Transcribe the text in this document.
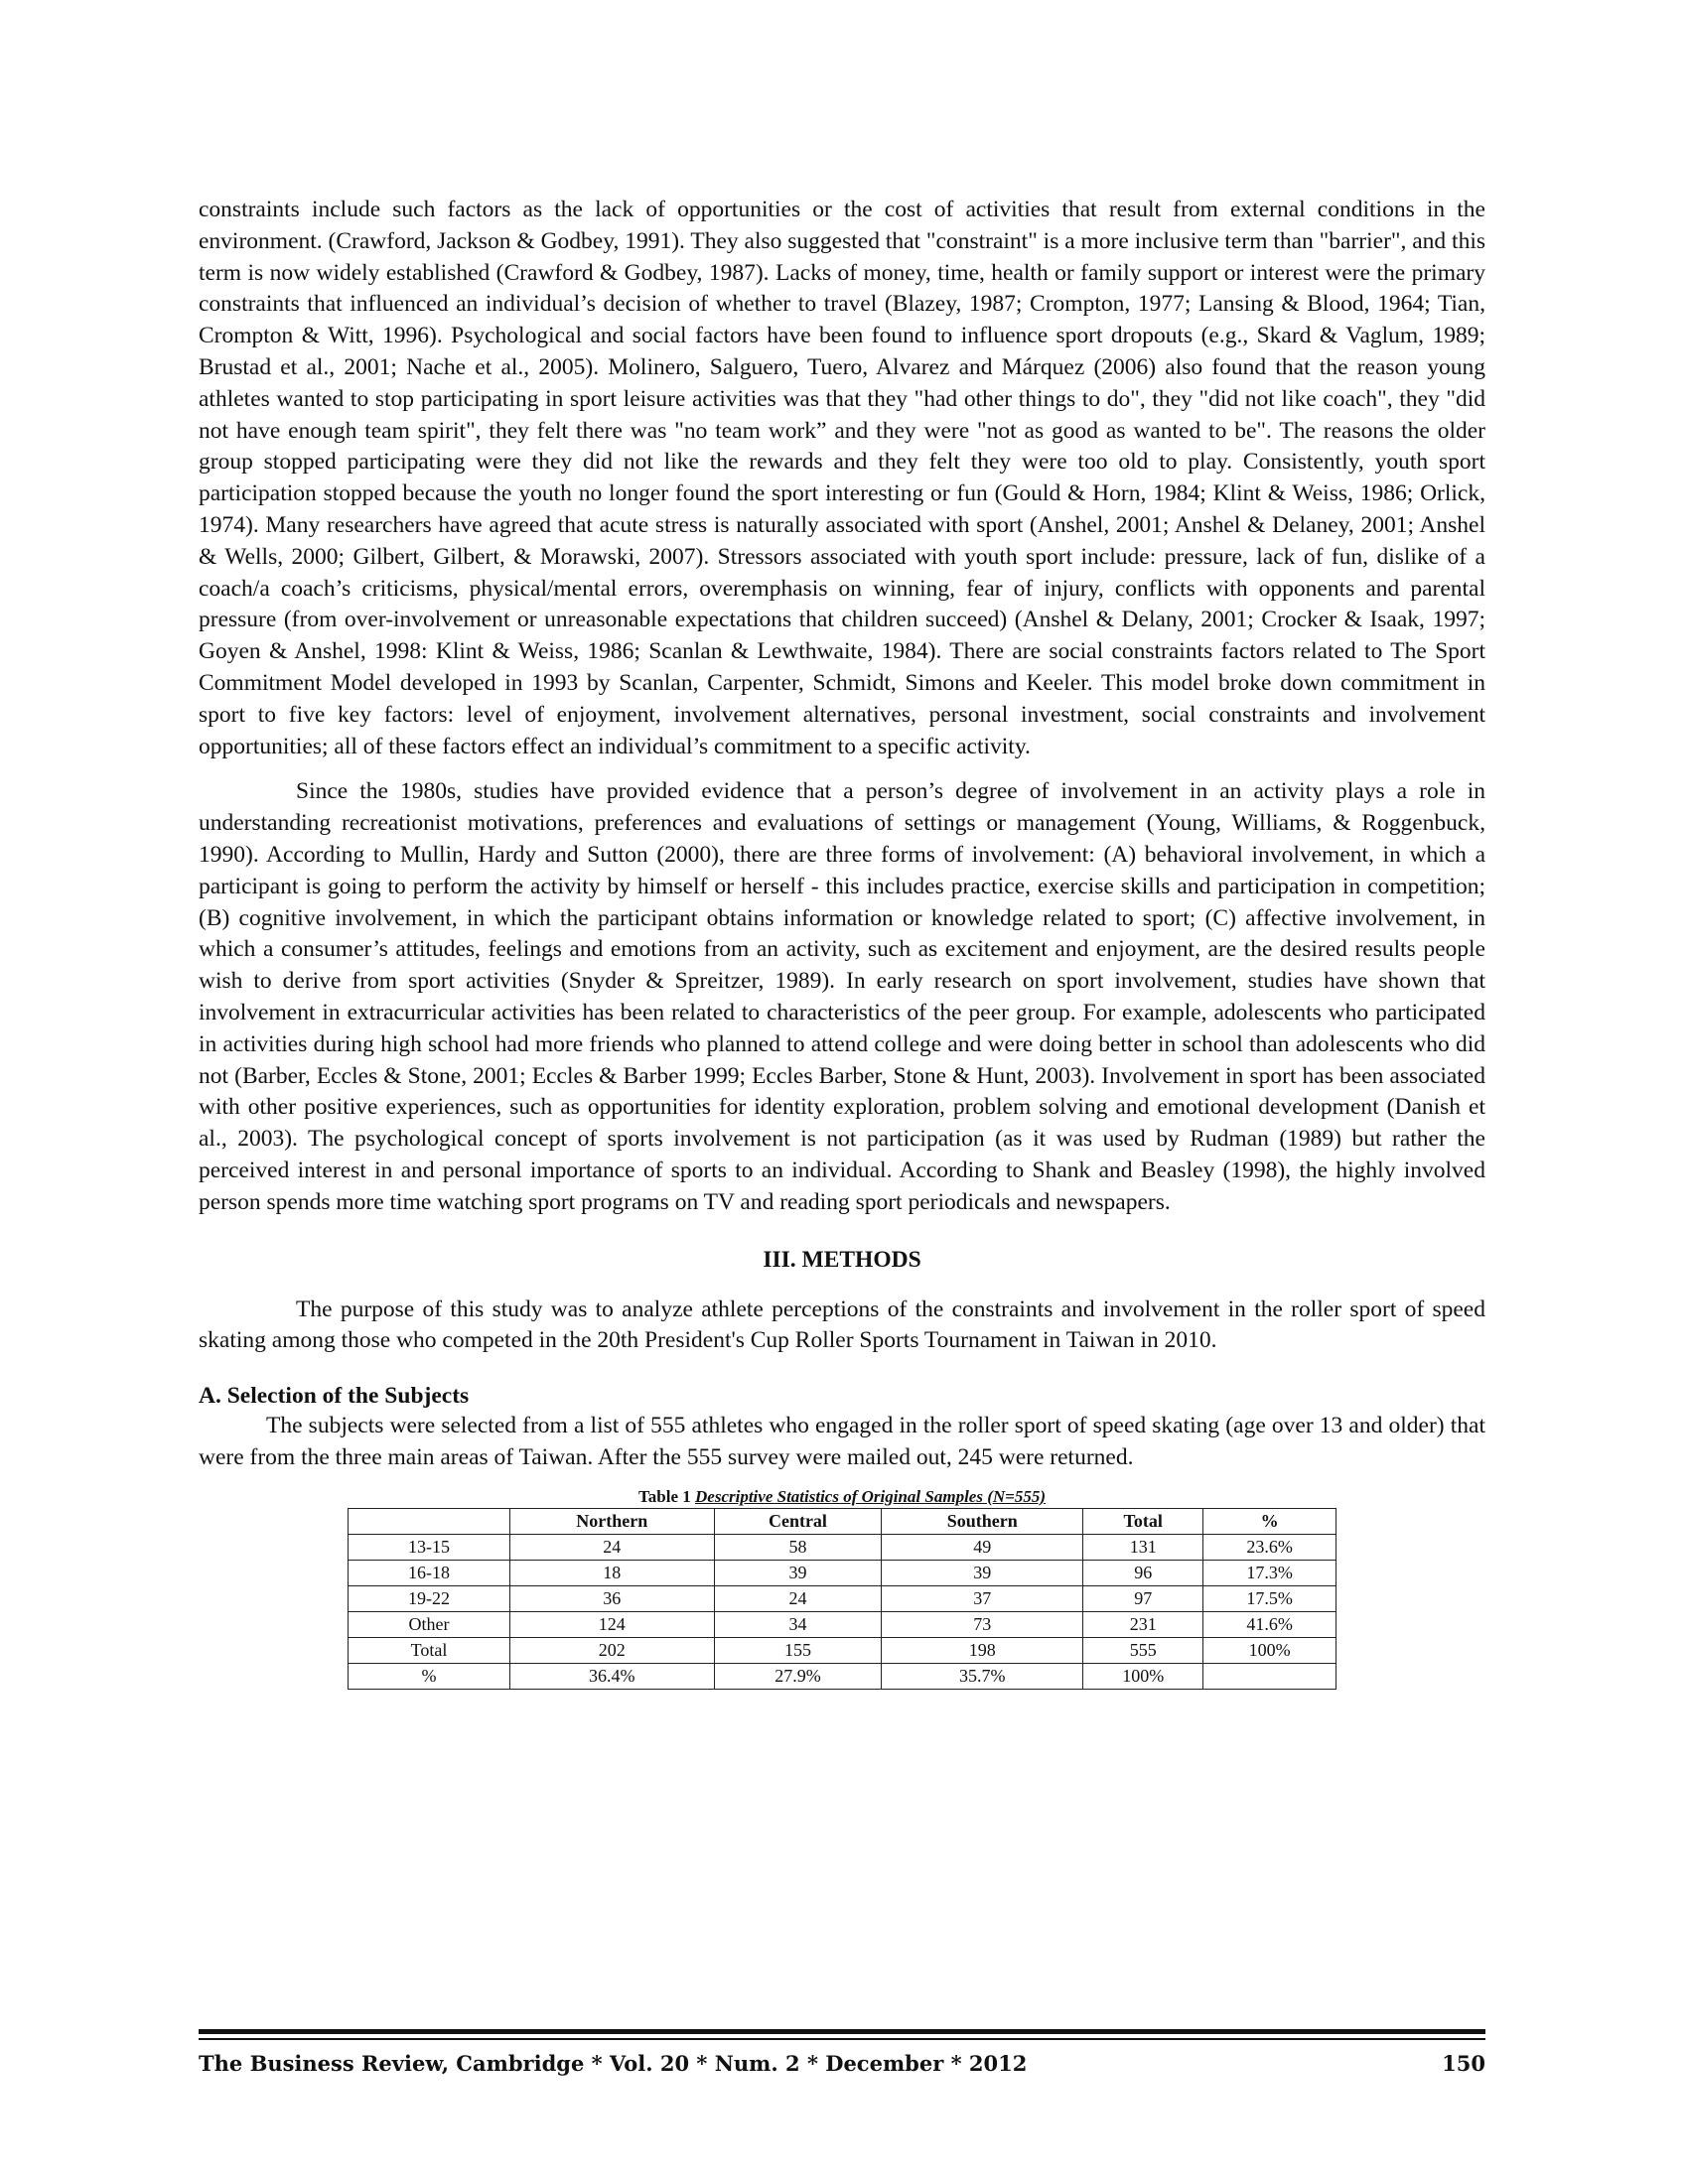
constraints include such factors as the lack of opportunities or the cost of activities that result from external conditions in the environment. (Crawford, Jackson & Godbey, 1991). They also suggested that "constraint" is a more inclusive term than "barrier", and this term is now widely established (Crawford & Godbey, 1987). Lacks of money, time, health or family support or interest were the primary constraints that influenced an individual’s decision of whether to travel (Blazey, 1987; Crompton, 1977; Lansing & Blood, 1964; Tian, Crompton & Witt, 1996). Psychological and social factors have been found to influence sport dropouts (e.g., Skard & Vaglum, 1989; Brustad et al., 2001; Nache et al., 2005). Molinero, Salguero, Tuero, Alvarez and Márquez (2006) also found that the reason young athletes wanted to stop participating in sport leisure activities was that they "had other things to do", they "did not like coach", they "did not have enough team spirit", they felt there was "no team work” and they were "not as good as wanted to be". The reasons the older group stopped participating were they did not like the rewards and they felt they were too old to play. Consistently, youth sport participation stopped because the youth no longer found the sport interesting or fun (Gould & Horn, 1984; Klint & Weiss, 1986; Orlick, 1974). Many researchers have agreed that acute stress is naturally associated with sport (Anshel, 2001; Anshel & Delaney, 2001; Anshel & Wells, 2000; Gilbert, Gilbert, & Morawski, 2007). Stressors associated with youth sport include: pressure, lack of fun, dislike of a coach/a coach’s criticisms, physical/mental errors, overemphasis on winning, fear of injury, conflicts with opponents and parental pressure (from over-involvement or unreasonable expectations that children succeed) (Anshel & Delany, 2001; Crocker & Isaak, 1997; Goyen & Anshel, 1998: Klint & Weiss, 1986; Scanlan & Lewthwaite, 1984). There are social constraints factors related to The Sport Commitment Model developed in 1993 by Scanlan, Carpenter, Schmidt, Simons and Keeler. This model broke down commitment in sport to five key factors: level of enjoyment, involvement alternatives, personal investment, social constraints and involvement opportunities; all of these factors effect an individual’s commitment to a specific activity.

Since the 1980s, studies have provided evidence that a person’s degree of involvement in an activity plays a role in understanding recreationist motivations, preferences and evaluations of settings or management (Young, Williams, & Roggenbuck, 1990). According to Mullin, Hardy and Sutton (2000), there are three forms of involvement: (A) behavioral involvement, in which a participant is going to perform the activity by himself or herself - this includes practice, exercise skills and participation in competition; (B) cognitive involvement, in which the participant obtains information or knowledge related to sport; (C) affective involvement, in which a consumer’s attitudes, feelings and emotions from an activity, such as excitement and enjoyment, are the desired results people wish to derive from sport activities (Snyder & Spreitzer, 1989). In early research on sport involvement, studies have shown that involvement in extracurricular activities has been related to characteristics of the peer group. For example, adolescents who participated in activities during high school had more friends who planned to attend college and were doing better in school than adolescents who did not (Barber, Eccles & Stone, 2001; Eccles & Barber 1999; Eccles Barber, Stone & Hunt, 2003). Involvement in sport has been associated with other positive experiences, such as opportunities for identity exploration, problem solving and emotional development (Danish et al., 2003). The psychological concept of sports involvement is not participation (as it was used by Rudman (1989) but rather the perceived interest in and personal importance of sports to an individual. According to Shank and Beasley (1998), the highly involved person spends more time watching sport programs on TV and reading sport periodicals and newspapers.

III. METHODS

The purpose of this study was to analyze athlete perceptions of the constraints and involvement in the roller sport of speed skating among those who competed in the 20th President's Cup Roller Sports Tournament in Taiwan in 2010.

A. Selection of the Subjects

The subjects were selected from a list of 555 athletes who engaged in the roller sport of speed skating (age over 13 and older) that were from the three main areas of Taiwan. After the 555 survey were mailed out, 245 were returned.

Table 1 Descriptive Statistics of Original Samples (N=555)
	Northern	Central	Southern	Total	%
13-15	24	58	49	131	23.6%
16-18	18	39	39	96	17.3%
19-22	36	24	37	97	17.5%
Other	124	34	73	231	41.6%
Total	202	155	198	555	100%
%	36.4%	27.9%	35.7%	100%	
The Business Review, Cambridge * Vol. 20 * Num. 2 * December * 2012	150
